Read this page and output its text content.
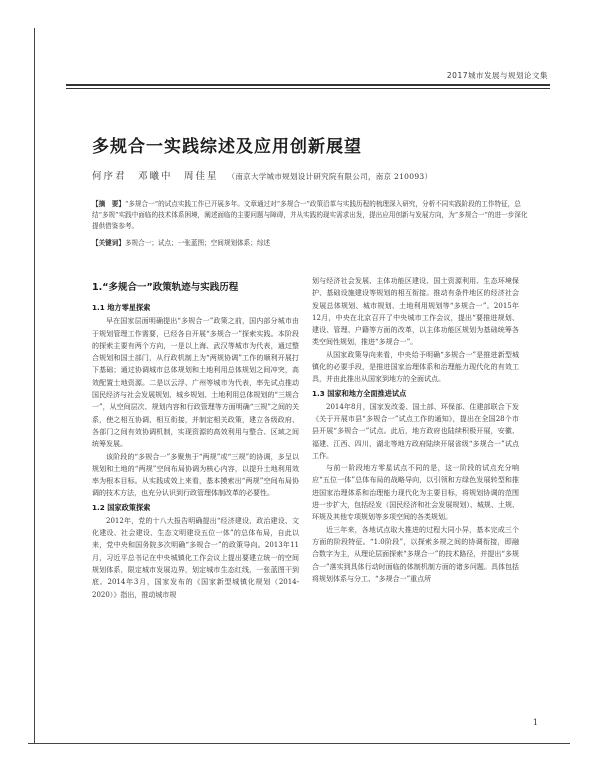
2017城市发展与规划论文集
多规合一实践综述及应用创新展望
何序君　邓曦中　周佳星 （南京大学城市规划设计研究院有限公司，南京 210093）
【摘　要】“多规合一”的试点实践工作已开展多年。文章通过对“多规合一”政策沿革与实践历程的梳理深入研究，分析不同实践阶段的工作特征，总结“多规”实践中面临的技术体系困境，阐述面临的主要问题与障碍，并从实践的现实需求出发，提出应用创新与发展方向，为“多规合一”的进一步深化提供借鉴参考。
【关键词】多规合一；试点；一张蓝图；空间规划体系；综述
1.“多规合一”政策轨迹与实践历程
1.1 地方零星探索

早在国家层面明确提出“多规合一”政策之前，国内部分城市由于规划管理工作需要，已经各自开展“多规合一”探索实践。本阶段的探索主要有两个方向，一是以上海、武汉等城市为代表，通过整合规划和国土部门，从行政机制上为“两规协调”工作的顺利开展打下基础；通过协调城市总体规划和土地利用总体规划之间冲突，高效配置土地资源。二是以云浮、广州等城市为代表，率先试点推动国民经济与社会发展规划、城乡规划、土地利用总体规划的“三规合一”，从空间层次、规划内容和行政管理等方面明确“三规”之间的关系，使之相互协调、相互衔接，并制定相关政策，建立各级政府、各部门之间有效协调机制，实现资源的高效利用与整合、区域之间统筹发展。

该阶段的“多规合一”多聚焦于“两规”或“三规”的协调，多呈以规划和土地的“两规”空间布局协调为核心内容，以提升土地利用效率为根本目标。从实践成效上来看，基本摸索出“两规”空间布局协调的技术方法，也充分认识到行政管理体制改革的必要性。

1.2 国家政策探索

2012年，党的十八大报告明确提出“经济建设、政治建设、文化建设、社会建设、生态文明建设五位一体”的总体布局，自此以来，党中央和国务院多次明确“多规合一”的政策导向。2013年11月，习近平总书记在中央城镇化工作会议上提出要建立统一的空间规划体系，限定城市发展边界，划定城市生态红线，一张蓝图干到底。2014年3月，国家发布的《国家新型城镇化规划（2014-2020）》指出，推动城市规

划与经济社会发展、主体功能区建设、国土资源利用、生态环境保护、基础设施建设等规划的相互衔接。推动有条件地区的经济社会发展总体规划、城市规划、土地利用规划等“多规合一”。2015年12月，中央在北京召开了中央城市工作会议，提出“要推进规划、建设、管理、户籍等方面的改革，以主体功能区规划为基础统筹各类空间性规划，推进“多规合一”。

从国家政策导向来看，中央给予明确“多规合一”是推进新型城镇化的必要手段，是推进国家治理体系和治理能力现代化的有效工具，并由此推出从国家到地方的全面试点。

1.3 国家和地方全面推进试点

2014年8月，国家发改委、国土部、环保部、住建部联合下发《关于开展市县“多规合一”试点工作的通知》，提出在全国28个市县开展“多规合一”试点。此后，地方政府也陆续积极开展，安徽、福建、江西、四川、湖北等地方政府陆续开展省级“多规合一”试点工作。

与前一阶段地方零星试点不同的是，这一阶段的试点充分响应“五位一体”总体布局的战略导向，以引领和方绿色发展转型和推进国家治理体系和治理能力现代化为主要目标，将规划协调的范围进一步扩大，包括经发（国民经济和社会发展规划）、城规、土规、环规及其他专项规划等多项空间的各类规划。

近三年来，各地试点取大推进的过程大同小异，基本完成三个方面的阶段特征。“1.0阶段”，以探索多规之间的协调衔接，即融合数字为主，从理论层面探索“多规合一”的技术路径，并提出“多规合一”落实到具体行动时面临的体制机制方面的诸多问题。具体包括将规划体系与分工、“多规合一”重点所

1
